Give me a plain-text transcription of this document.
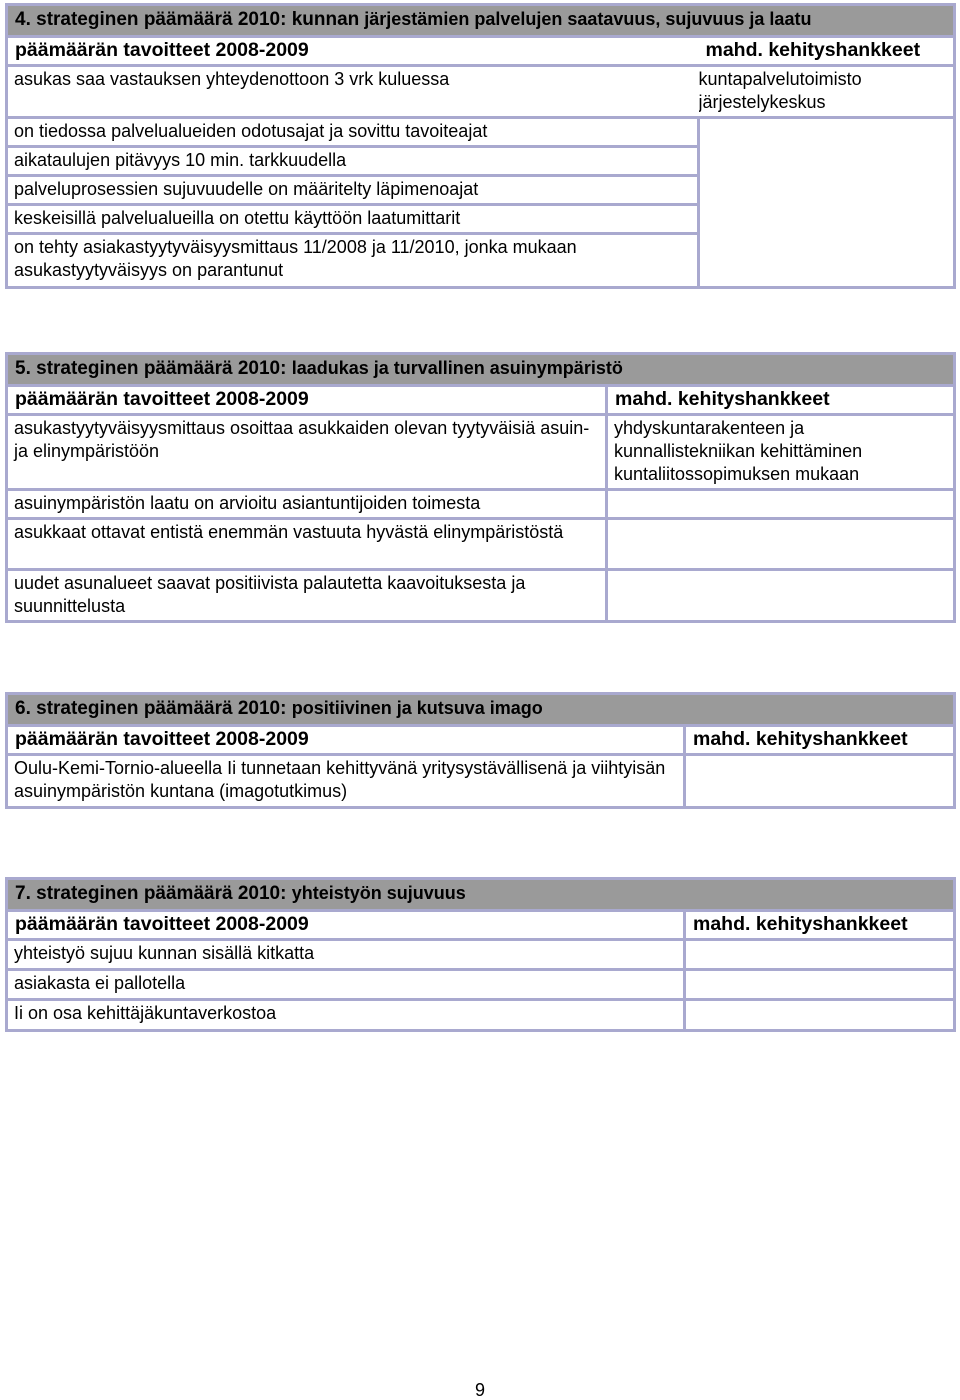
4. strateginen päämäärä 2010: kunnan järjestämien palvelujen saatavuus, sujuvuus ja laatu	
päämäärän tavoitteet 2008-2009	mahd. kehityshankkeet
asukas saa vastauksen yhteydenottoon 3 vrk kuluessa	kuntapalvelutoimisto järjestelykeskus
on tiedossa palvelualueiden odotusajat ja sovittu tavoiteajat	
aikataulujen pitävyys 10 min. tarkkuudella	
palveluprosessien sujuvuudelle on määritelty läpimenoajat	
keskeisillä palvelualueilla on otettu käyttöön laatumittarit	
on tehty asiakastyytyväisyysmittaus 11/2008 ja 11/2010, jonka mukaan asukastyytyväisyys on parantunut	
5. strateginen päämäärä 2010: laadukas ja turvallinen asuinympäristö	
päämäärän tavoitteet 2008-2009	mahd. kehityshankkeet
asukastyytyväisyysmittaus osoittaa asukkaiden olevan tyytyväisiä asuin- ja elinympäristöön	yhdyskuntarakenteen ja kunnallistekniikan kehittäminen kuntaliitossopimuksen mukaan
asuinympäristön laatu on arvioitu asiantuntijoiden toimesta	
asukkaat ottavat entistä enemmän vastuuta hyvästä elinympäristöstä	
uudet asunalueet saavat positiivista palautetta kaavoituksesta ja suunnittelusta	
6. strateginen päämäärä 2010: positiivinen ja kutsuva imago	
päämäärän tavoitteet 2008-2009	mahd. kehityshankkeet
Oulu-Kemi-Tornio-alueella Ii tunnetaan kehittyvänä yritysystävällisenä ja viihtyisän asuinympäristön kuntana (imagotutkimus)	
7. strateginen päämäärä 2010: yhteistyön sujuvuus	
päämäärän tavoitteet 2008-2009	mahd. kehityshankkeet
yhteistyö sujuu kunnan sisällä kitkatta	
asiakasta ei pallotella	
Ii on osa kehittäjäkuntaverkostoa	
9
